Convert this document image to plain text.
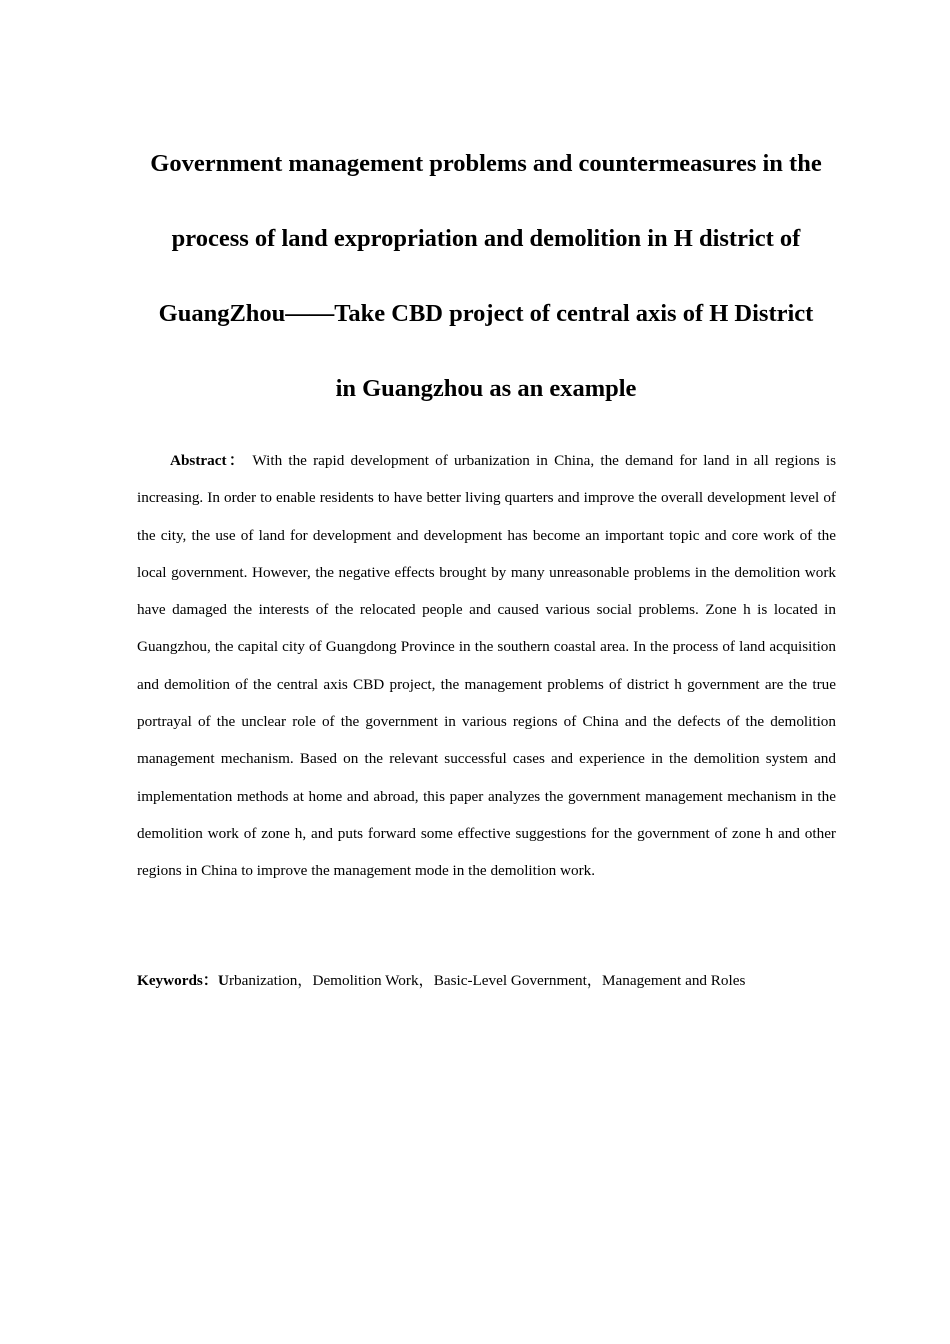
Government management problems and countermeasures in the
process of land expropriation and demolition in H district of
GuangZhou——Take CBD project of central axis of H District
in Guangzhou as an example

Abstract： With the rapid development of urbanization in China, the demand for land in all regions is increasing. In order to enable residents to have better living quarters and improve the overall development level of the city, the use of land for development and development has become an important topic and core work of the local government. However, the negative effects brought by many unreasonable problems in the demolition work have damaged the interests of the relocated people and caused various social problems. Zone h is located in Guangzhou, the capital city of Guangdong Province in the southern coastal area. In the process of land acquisition and demolition of the central axis CBD project, the management problems of district h government are the true portrayal of the unclear role of the government in various regions of China and the defects of the demolition management mechanism. Based on the relevant successful cases and experience in the demolition system and implementation methods at home and abroad, this paper analyzes the government management mechanism in the demolition work of zone h, and puts forward some effective suggestions for the government of zone h and other regions in China to improve the management mode in the demolition work.

Keywords：Urbanization，Demolition Work，Basic-Level Government，Management and Roles
